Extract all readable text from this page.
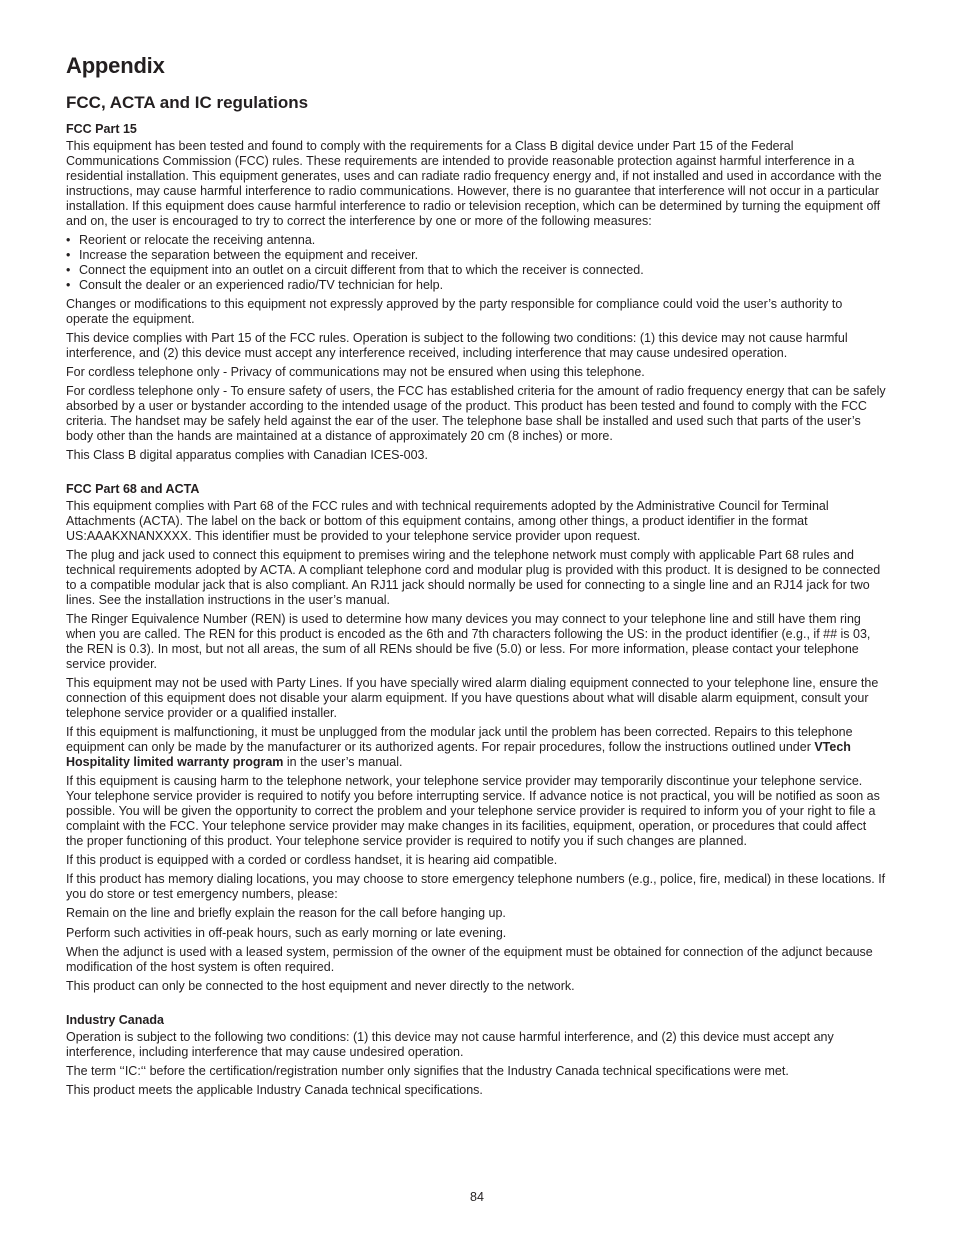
Appendix
FCC, ACTA and IC regulations
FCC Part 15

This equipment has been tested and found to comply with the requirements for a Class B digital device under Part 15 of the Federal Communications Commission (FCC) rules. These requirements are intended to provide reasonable protection against harmful interference in a residential installation. This equipment generates, uses and can radiate radio frequency energy and, if not installed and used in accordance with the instructions, may cause harmful interference to radio communications. However, there is no guarantee that interference will not occur in a particular installation. If this equipment does cause harmful interference to radio or television reception, which can be determined by turning the equipment off and on, the user is encouraged to try to correct the interference by one or more of the following measures:

• Reorient or relocate the receiving antenna.
• Increase the separation between the equipment and receiver.
• Connect the equipment into an outlet on a circuit different from that to which the receiver is connected.
• Consult the dealer or an experienced radio/TV technician for help.

Changes or modifications to this equipment not expressly approved by the party responsible for compliance could void the user’s authority to operate the equipment.

This device complies with Part 15 of the FCC rules. Operation is subject to the following two conditions: (1) this device may not cause harmful interference, and (2) this device must accept any interference received, including interference that may cause undesired operation.

For cordless telephone only - Privacy of communications may not be ensured when using this telephone.

For cordless telephone only - To ensure safety of users, the FCC has established criteria for the amount of radio frequency energy that can be safely absorbed by a user or bystander according to the intended usage of the product. This product has been tested and found to comply with the FCC criteria. The handset may be safely held against the ear of the user. The telephone base shall be installed and used such that parts of the user’s body other than the hands are maintained at a distance of approximately 20 cm (8 inches) or more.

This Class B digital apparatus complies with Canadian ICES-003.

FCC Part 68 and ACTA

This equipment complies with Part 68 of the FCC rules and with technical requirements adopted by the Administrative Council for Terminal Attachments (ACTA). The label on the back or bottom of this equipment contains, among other things, a product identifier in the format US:AAAKXNANXXXX. This identifier must be provided to your telephone service provider upon request.

The plug and jack used to connect this equipment to premises wiring and the telephone network must comply with applicable Part 68 rules and technical requirements adopted by ACTA. A compliant telephone cord and modular plug is provided with this product. It is designed to be connected to a compatible modular jack that is also compliant. An RJ11 jack should normally be used for connecting to a single line and an RJ14 jack for two lines. See the installation instructions in the user’s manual.

The Ringer Equivalence Number (REN) is used to determine how many devices you may connect to your telephone line and still have them ring when you are called. The REN for this product is encoded as the 6th and 7th characters following the US: in the product identifier (e.g., if ## is 03, the REN is 0.3). In most, but not all areas, the sum of all RENs should be five (5.0) or less. For more information, please contact your telephone service provider.

This equipment may not be used with Party Lines. If you have specially wired alarm dialing equipment connected to your telephone line, ensure the connection of this equipment does not disable your alarm equipment. If you have questions about what will disable alarm equipment, consult your telephone service provider or a qualified installer.

If this equipment is malfunctioning, it must be unplugged from the modular jack until the problem has been corrected. Repairs to this telephone equipment can only be made by the manufacturer or its authorized agents. For repair procedures, follow the instructions outlined under VTech Hospitality limited warranty program in the user’s manual.

If this equipment is causing harm to the telephone network, your telephone service provider may temporarily discontinue your telephone service. Your telephone service provider is required to notify you before interrupting service. If advance notice is not practical, you will be notified as soon as possible. You will be given the opportunity to correct the problem and your telephone service provider is required to inform you of your right to file a complaint with the FCC. Your telephone service provider may make changes in its facilities, equipment, operation, or procedures that could affect the proper functioning of this product. Your telephone service provider is required to notify you if such changes are planned.

If this product is equipped with a corded or cordless handset, it is hearing aid compatible.

If this product has memory dialing locations, you may choose to store emergency telephone numbers (e.g., police, fire, medical) in these locations. If you do store or test emergency numbers, please:

Remain on the line and briefly explain the reason for the call before hanging up.

Perform such activities in off-peak hours, such as early morning or late evening.

When the adjunct is used with a leased system, permission of the owner of the equipment must be obtained for connection of the adjunct because modification of the host system is often required.

This product can only be connected to the host equipment and never directly to the network.

Industry Canada

Operation is subject to the following two conditions: (1) this device may not cause harmful interference, and (2) this device must accept any interference, including interference that may cause undesired operation.

The term ‘‘IC:‘‘ before the certification/registration number only signifies that the Industry Canada technical specifications were met.

This product meets the applicable Industry Canada technical specifications.

84
